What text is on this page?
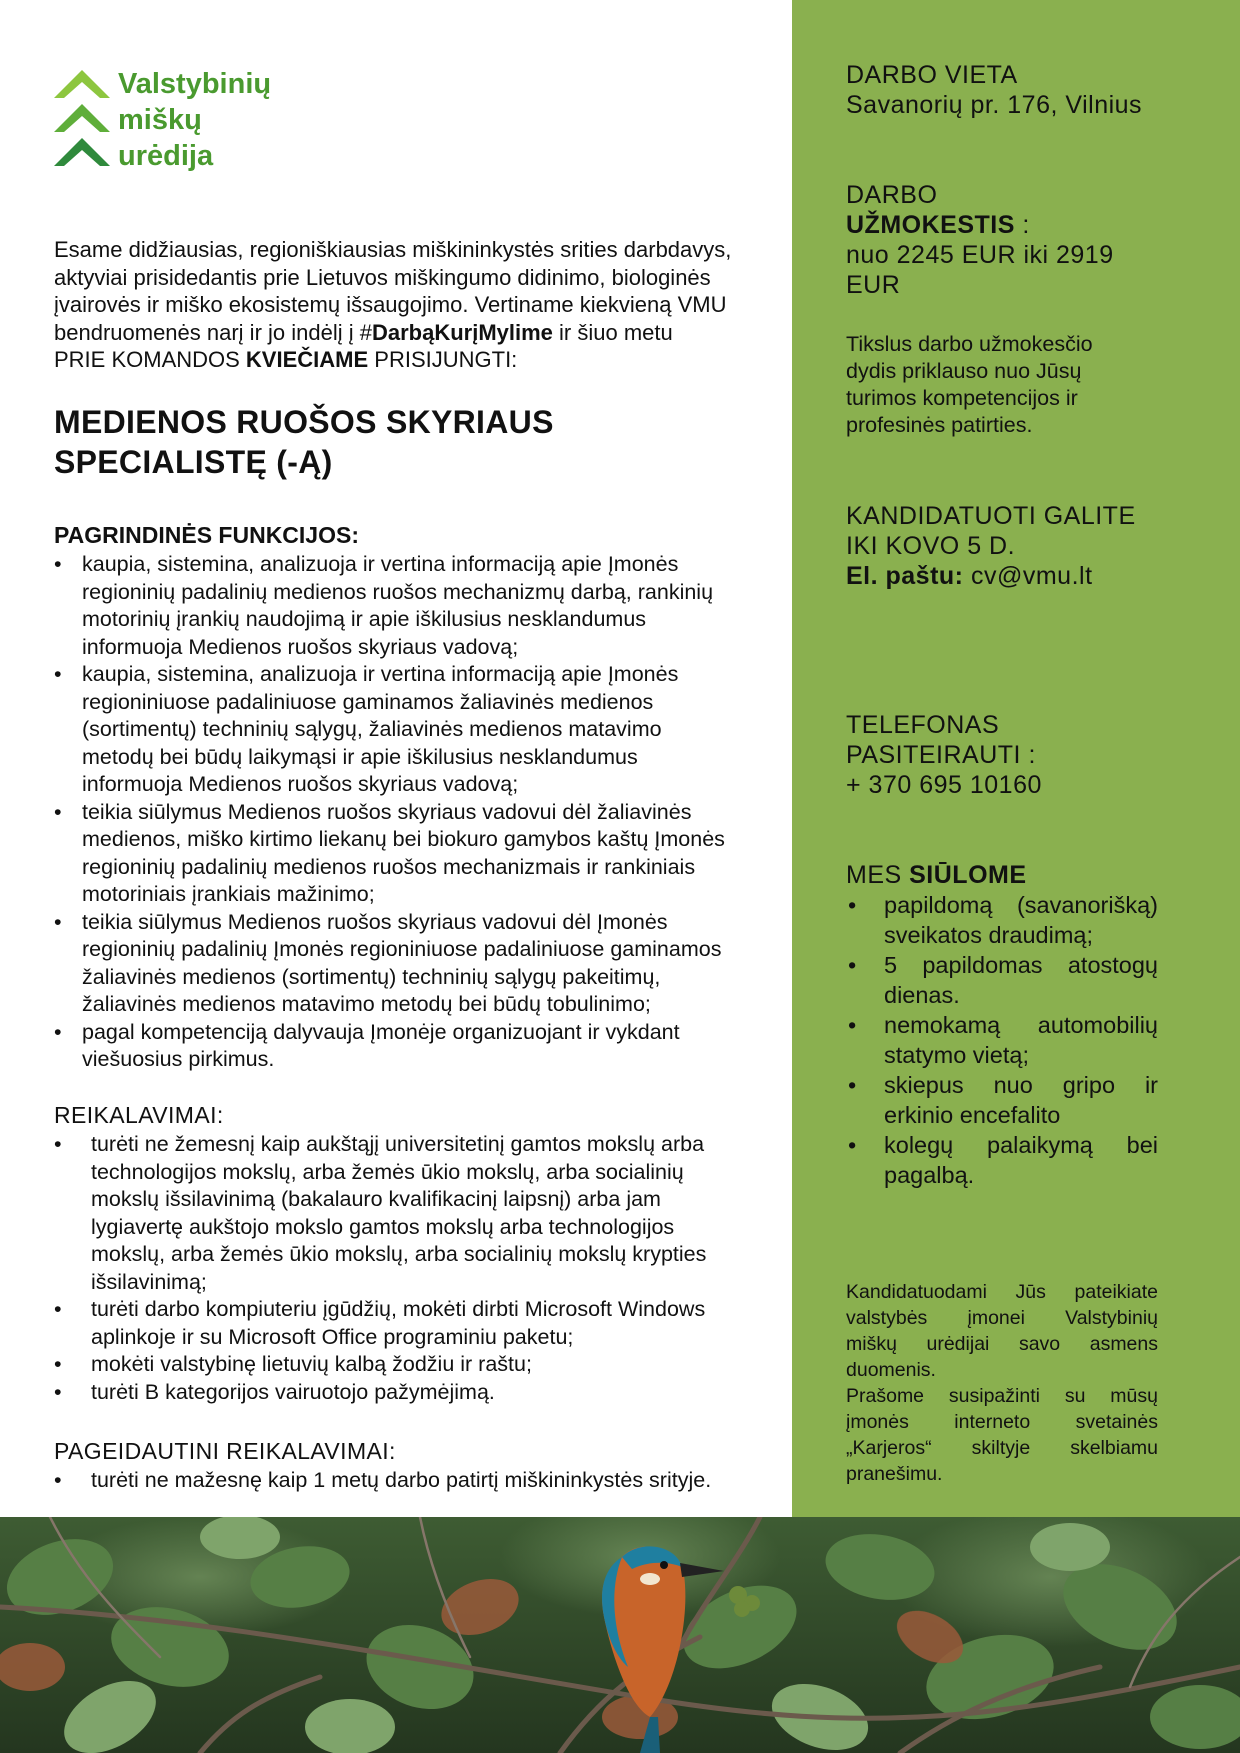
Valstybinių
miškų
urėdija
Esame didžiausias, regioniškiausias miškininkystės srities darbdavys,
aktyviai prisidedantis prie Lietuvos miškingumo didinimo, biologinės
įvairovės ir miško ekosistemų išsaugojimo. Vertiname kiekvieną VMU
bendruomenės narį ir jo indėlį į #DarbąKurįMylime ir šiuo metu
PRIE KOMANDOS KVIEČIAME PRISIJUNGTI:
MEDIENOS RUOŠOS SKYRIAUS
SPECIALISTĘ (-Ą)
PAGRINDINĖS FUNKCIJOS:
• kaupia, sistemina, analizuoja ir vertina informaciją apie Įmonės
regioninių padalinių medienos ruošos mechanizmų darbą, rankinių
motorinių įrankių naudojimą ir apie iškilusius nesklandumus
informuoja Medienos ruošos skyriaus vadovą;
• kaupia, sistemina, analizuoja ir vertina informaciją apie Įmonės
regioniniuose padaliniuose gaminamos žaliavinės medienos
(sortimentų) techninių sąlygų, žaliavinės medienos matavimo
metodų bei būdų laikymąsi ir apie iškilusius nesklandumus
informuoja Medienos ruošos skyriaus vadovą;
• teikia siūlymus Medienos ruošos skyriaus vadovui dėl žaliavinės
medienos, miško kirtimo liekanų bei biokuro gamybos kaštų Įmonės
regioninių padalinių medienos ruošos mechanizmais ir rankiniais
motoriniais įrankiais mažinimo;
• teikia siūlymus Medienos ruošos skyriaus vadovui dėl Įmonės
regioninių padalinių Įmonės regioniniuose padaliniuose gaminamos
žaliavinės medienos (sortimentų) techninių sąlygų pakeitimų,
žaliavinės medienos matavimo metodų bei būdų tobulinimo;
• pagal kompetenciją dalyvauja Įmonėje organizuojant ir vykdant
viešuosius pirkimus.
REIKALAVIMAI:
• turėti ne žemesnį kaip aukštąjį universitetinį gamtos mokslų arba
technologijos mokslų, arba žemės ūkio mokslų, arba socialinių
mokslų išsilavinimą (bakalauro kvalifikacinį laipsnį) arba jam
lygiavertę aukštojo mokslo gamtos mokslų arba technologijos
mokslų, arba žemės ūkio mokslų, arba socialinių mokslų krypties
išsilavinimą;
• turėti darbo kompiuteriu įgūdžių, mokėti dirbti Microsoft Windows
aplinkoje ir su Microsoft Office programiniu paketu;
• mokėti valstybinę lietuvių kalbą žodžiu ir raštu;
• turėti B kategorijos vairuotojo pažymėjimą.
PAGEIDAUTINI REIKALAVIMAI:
• turėti ne mažesnę kaip 1 metų darbo patirtį miškininkystės srityje.
DARBO VIETA
Savanorių pr. 176, Vilnius
DARBO
UŽMOKESTIS :
nuo 2245 EUR iki 2919
EUR
Tikslus darbo užmokesčio
dydis priklauso nuo Jūsų
turimos kompetencijos ir
profesinės patirties.
KANDIDATUOTI GALITE
IKI KOVO 5 D.
El. paštu: cv@vmu.lt
TELEFONAS
PASITEIRAUTI :
+ 370 695 10160
MES SIŪLOME
• papildomą (savanorišką)
sveikatos draudimą;
• 5 papildomas atostogų
dienas.
• nemokamą automobilių
statymo vietą;
• skiepus nuo gripo ir
erkinio encefalito
• kolegų palaikymą bei
pagalbą.
Kandidatuodami Jūs pateikiate
valstybės įmonei Valstybinių
miškų urėdijai savo asmens
duomenis.
Prašome susipažinti su mūsų
įmonės interneto svetainės
„Karjeros“ skiltyje skelbiamu
pranešimu.
